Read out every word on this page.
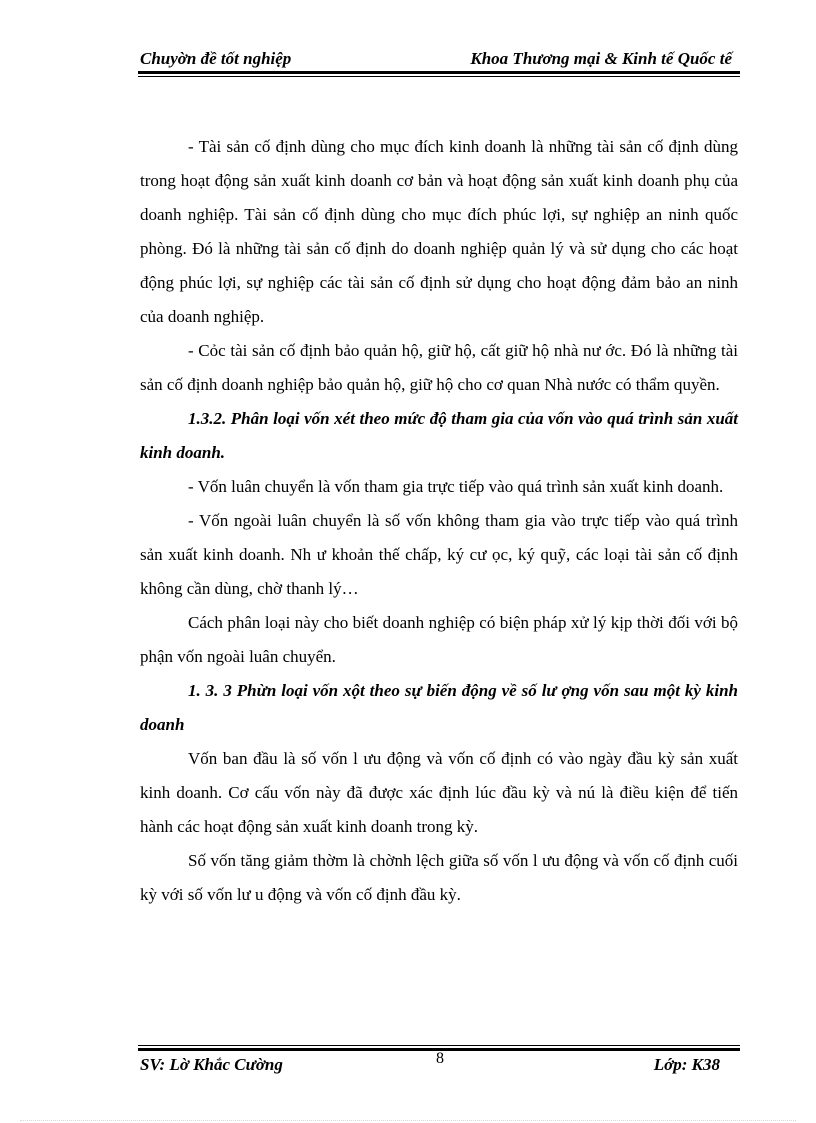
Chuyờn đề tốt nghiệp	Khoa Thương mại & Kinh tế Quốc tế

- Tài sản cố định dùng cho mục đích kinh doanh là những tài sản cố định dùng trong hoạt động sản xuất kinh doanh cơ bản và hoạt động sản xuất kinh doanh phụ của doanh nghiệp. Tài sản cố định dùng cho mục đích phúc lợi, sự nghiệp an ninh quốc phòng. Đó là những tài sản cố định do doanh nghiệp quản lý và sử dụng cho các hoạt động phúc lợi, sự nghiệp các tài sản cố định sử dụng cho hoạt động đảm bảo an ninh của doanh nghiệp.

- Cỏc tài sản cố định bảo quản hộ, giữ hộ, cất giữ hộ nhà nư ớc. Đó là những tài sản cố định doanh nghiệp bảo quản hộ, giữ hộ cho cơ quan Nhà nước có thẩm quyền.

1.3.2. Phân loại vốn xét theo mức độ tham gia của vốn vào quá trình sản xuất kinh doanh.

- Vốn luân chuyển là vốn tham gia trực tiếp vào quá trình sản xuất kinh doanh.

- Vốn ngoài luân chuyển là số vốn không tham gia vào trực tiếp vào quá trình sản xuất kinh doanh. Nh ư khoản thế chấp, ký cư ọc, ký quỹ, các loại tài sản cố định không cần dùng, chờ thanh lý…

Cách phân loại này cho biết doanh nghiệp có biện pháp xử lý kịp thời đối với bộ phận vốn ngoài luân chuyển.

1. 3. 3 Phừn loại vốn xột theo sự biến động về số lư ợng vốn sau một kỳ kinh doanh

Vốn ban đầu là số vốn l ưu động và vốn cố định có vào ngày đầu kỳ sản xuất kinh doanh. Cơ cấu vốn này đã được xác định lúc đầu kỳ và nú là điều kiện để tiến hành các hoạt động sản xuất kinh doanh trong kỳ.

Số vốn tăng giảm thờm là chờnh lệch giữa số vốn l ưu động và vốn cố định cuối kỳ với số vốn lư u động và vốn cố định đầu kỳ.

SV: Lờ Khắc Cường	8	Lớp: K38
